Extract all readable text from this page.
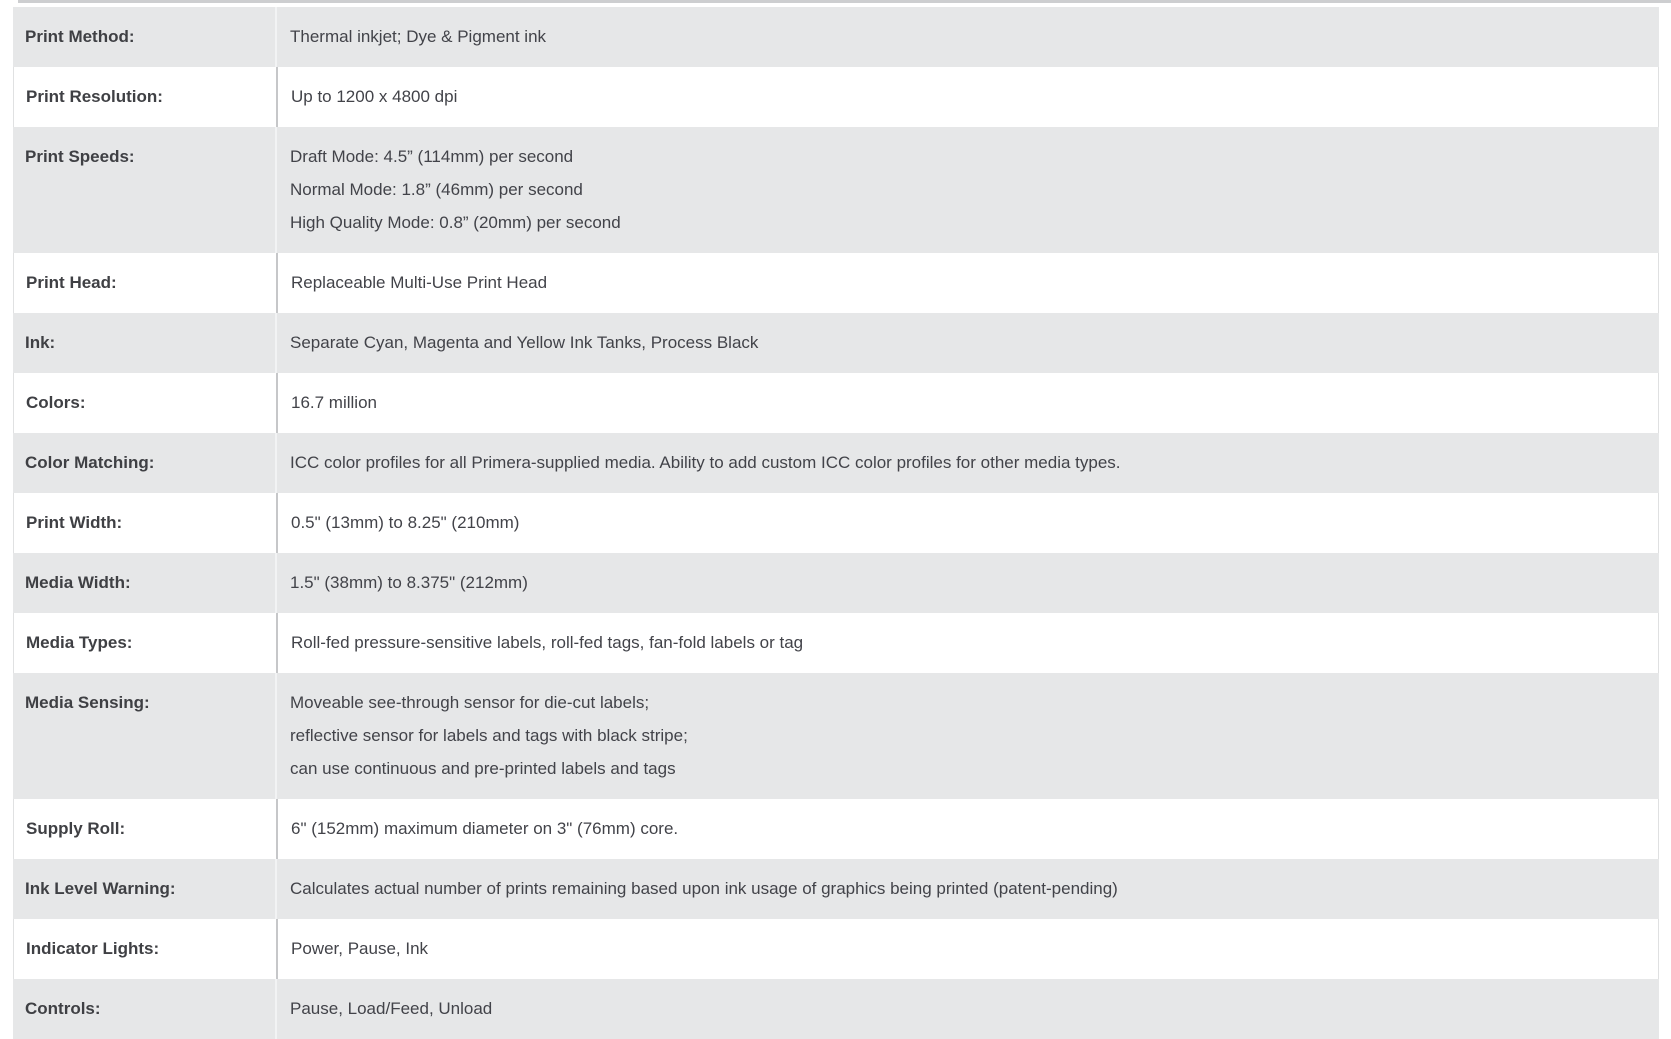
Print Method:	Thermal inkjet; Dye & Pigment ink
Print Resolution:	Up to 1200 x 4800 dpi
Print Speeds:	Draft Mode: 4.5” (114mm) per second
Normal Mode: 1.8” (46mm) per second
High Quality Mode: 0.8” (20mm) per second
Print Head:	Replaceable Multi-Use Print Head
Ink:	Separate Cyan, Magenta and Yellow Ink Tanks, Process Black
Colors:	16.7 million
Color Matching:	ICC color profiles for all Primera-supplied media. Ability to add custom ICC color profiles for other media types.
Print Width:	0.5" (13mm) to 8.25" (210mm)
Media Width:	1.5" (38mm) to 8.375" (212mm)
Media Types:	Roll-fed pressure-sensitive labels, roll-fed tags, fan-fold labels or tag
Media Sensing:	Moveable see-through sensor for die-cut labels;
reflective sensor for labels and tags with black stripe;
can use continuous and pre-printed labels and tags
Supply Roll:	6" (152mm) maximum diameter on 3" (76mm) core.
Ink Level Warning:	Calculates actual number of prints remaining based upon ink usage of graphics being printed (patent-pending)
Indicator Lights:	Power, Pause, Ink
Controls:	Pause, Load/Feed, Unload
